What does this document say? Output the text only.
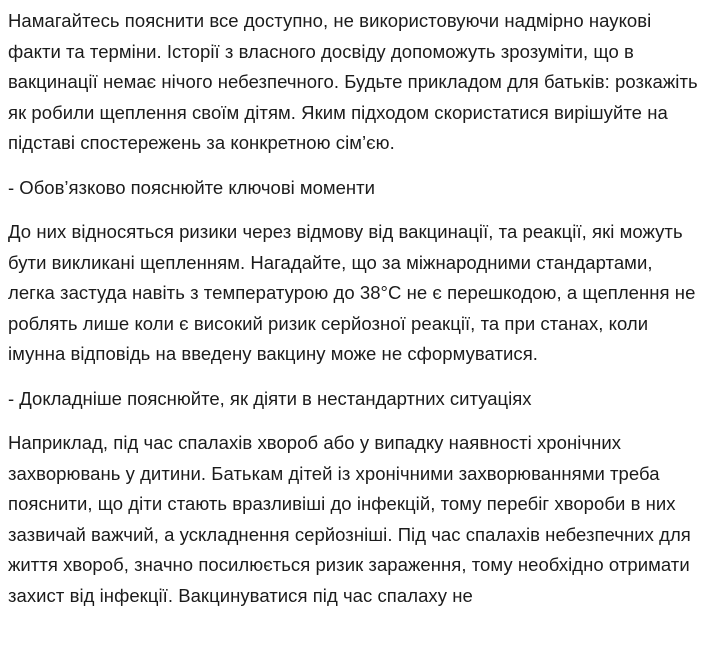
Намагайтесь пояснити все доступно, не використовуючи надмірно наукові факти та терміни. Історії з власного досвіду допоможуть зрозуміти, що в вакцинації немає нічого небезпечного. Будьте прикладом для батьків: розкажіть як робили щеплення своїм дітям. Яким підходом скористатися вирішуйте на підставі спостережень за конкретною сім’єю.

- Обов’язково пояснюйте ключові моменти

До них відносяться ризики через відмову від вакцинації, та реакції, які можуть бути викликані щепленням. Нагадайте, що за міжнародними стандартами, легка застуда навіть з температурою до 38°С не є перешкодою, а щеплення не роблять лише коли є високий ризик серйозної реакції, та при станах, коли імунна відповідь на введену вакцину може не сформуватися.

- Докладніше пояснюйте, як діяти в нестандартних ситуаціях

Наприклад, під час спалахів хвороб або у випадку наявності хронічних захворювань у дитини. Батькам дітей із хронічними захворюваннями треба пояснити, що діти стають вразливіші до інфекцій, тому перебіг хвороби в них зазвичай важчий, а ускладнення серйозніші. Під час спалахів небезпечних для життя хвороб, значно посилюється ризик зараження, тому необхідно отримати захист від інфекції. Вакцинуватися під час спалаху не
